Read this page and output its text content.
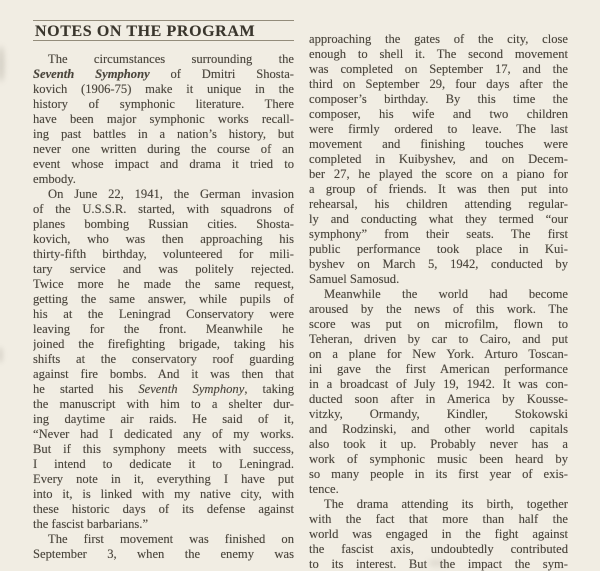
NOTES ON THE PROGRAM
The circumstances surrounding the
Seventh Symphony of Dmitri Shosta-
kovich (1906-75) make it unique in the
history of symphonic literature. There
have been major symphonic works recall-
ing past battles in a nation’s history, but
never one written during the course of an
event whose impact and drama it tried to
embody.
On June 22, 1941, the German invasion
of the U.S.S.R. started, with squadrons of
planes bombing Russian cities. Shosta-
kovich, who was then approaching his
thirty-fifth birthday, volunteered for mili-
tary service and was politely rejected.
Twice more he made the same request,
getting the same answer, while pupils of
his at the Leningrad Conservatory were
leaving for the front. Meanwhile he
joined the firefighting brigade, taking his
shifts at the conservatory roof guarding
against fire bombs. And it was then that
he started his Seventh Symphony, taking
the manuscript with him to a shelter dur-
ing daytime air raids. He said of it,
“Never had I dedicated any of my works.
But if this symphony meets with success,
I intend to dedicate it to Leningrad.
Every note in it, everything I have put
into it, is linked with my native city, with
these historic days of its defense against
the fascist barbarians.”
The first movement was finished on
September 3, when the enemy was
approaching the gates of the city, close
enough to shell it. The second movement
was completed on September 17, and the
third on September 29, four days after the
composer’s birthday. By this time the
composer, his wife and two children
were firmly ordered to leave. The last
movement and finishing touches were
completed in Kuibyshev, and on Decem-
ber 27, he played the score on a piano for
a group of friends. It was then put into
rehearsal, his children attending regular-
ly and conducting what they termed “our
symphony” from their seats. The first
public performance took place in Kui-
byshev on March 5, 1942, conducted by
Samuel Samosud.
Meanwhile the world had become
aroused by the news of this work. The
score was put on microfilm, flown to
Teheran, driven by car to Cairo, and put
on a plane for New York. Arturo Toscan-
ini gave the first American performance
in a broadcast of July 19, 1942. It was con-
ducted soon after in America by Kousse-
vitzky, Ormandy, Kindler, Stokowski
and Rodzinski, and other world capitals
also took it up. Probably never has a
work of symphonic music been heard by
so many people in its first year of exis-
tence.
The drama attending its birth, together
with the fact that more than half the
world was engaged in the fight against
the fascist axis, undoubtedly contributed
to its interest. But the impact the sym-
